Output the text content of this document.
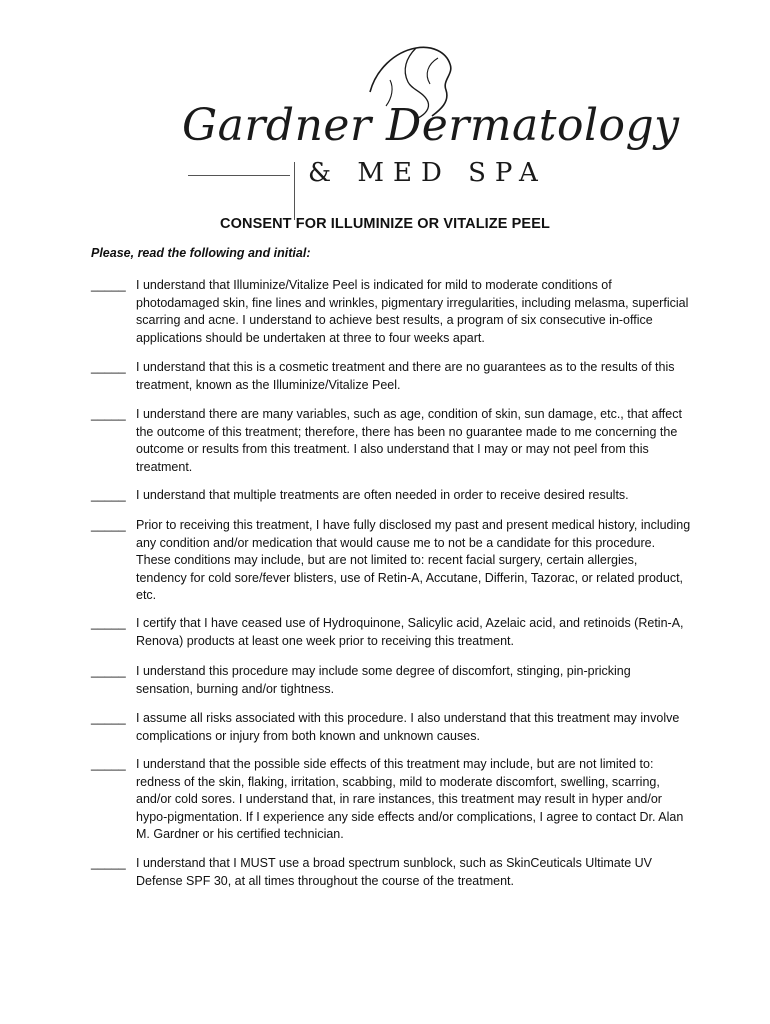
Gardner Dermatology
& MED SPA
CONSENT FOR ILLUMINIZE OR VITALIZE PEEL
Please, read the following and initial:
_____ I understand that Illuminize/Vitalize Peel is indicated for mild to moderate conditions of photodamaged skin, fine lines and wrinkles, pigmentary irregularities, including melasma, superficial scarring and acne. I understand to achieve best results, a program of six consecutive in-office applications should be undertaken at three to four weeks apart.
_____ I understand that this is a cosmetic treatment and there are no guarantees as to the results of this treatment, known as the Illuminize/Vitalize Peel.
_____ I understand there are many variables, such as age, condition of skin, sun damage, etc., that affect the outcome of this treatment; therefore, there has been no guarantee made to me concerning the outcome or results from this treatment. I also understand that I may or may not peel from this treatment.
_____ I understand that multiple treatments are often needed in order to receive desired results.
_____ Prior to receiving this treatment, I have fully disclosed my past and present medical history, including any condition and/or medication that would cause me to not be a candidate for this procedure. These conditions may include, but are not limited to: recent facial surgery, certain allergies, tendency for cold sore/fever blisters, use of Retin-A, Accutane, Differin, Tazorac, or related product, etc.
_____ I certify that I have ceased use of Hydroquinone, Salicylic acid, Azelaic acid, and retinoids (Retin-A, Renova) products at least one week prior to receiving this treatment.
_____ I understand this procedure may include some degree of discomfort, stinging, pin-pricking sensation, burning and/or tightness.
_____ I assume all risks associated with this procedure. I also understand that this treatment may involve complications or injury from both known and unknown causes.
_____ I understand that the possible side effects of this treatment may include, but are not limited to: redness of the skin, flaking, irritation, scabbing, mild to moderate discomfort, swelling, scarring, and/or cold sores. I understand that, in rare instances, this treatment may result in hyper and/or hypo-pigmentation. If I experience any side effects and/or complications, I agree to contact Dr. Alan M. Gardner or his certified technician.
_____ I understand that I MUST use a broad spectrum sunblock, such as SkinCeuticals Ultimate UV Defense SPF 30, at all times throughout the course of the treatment.
